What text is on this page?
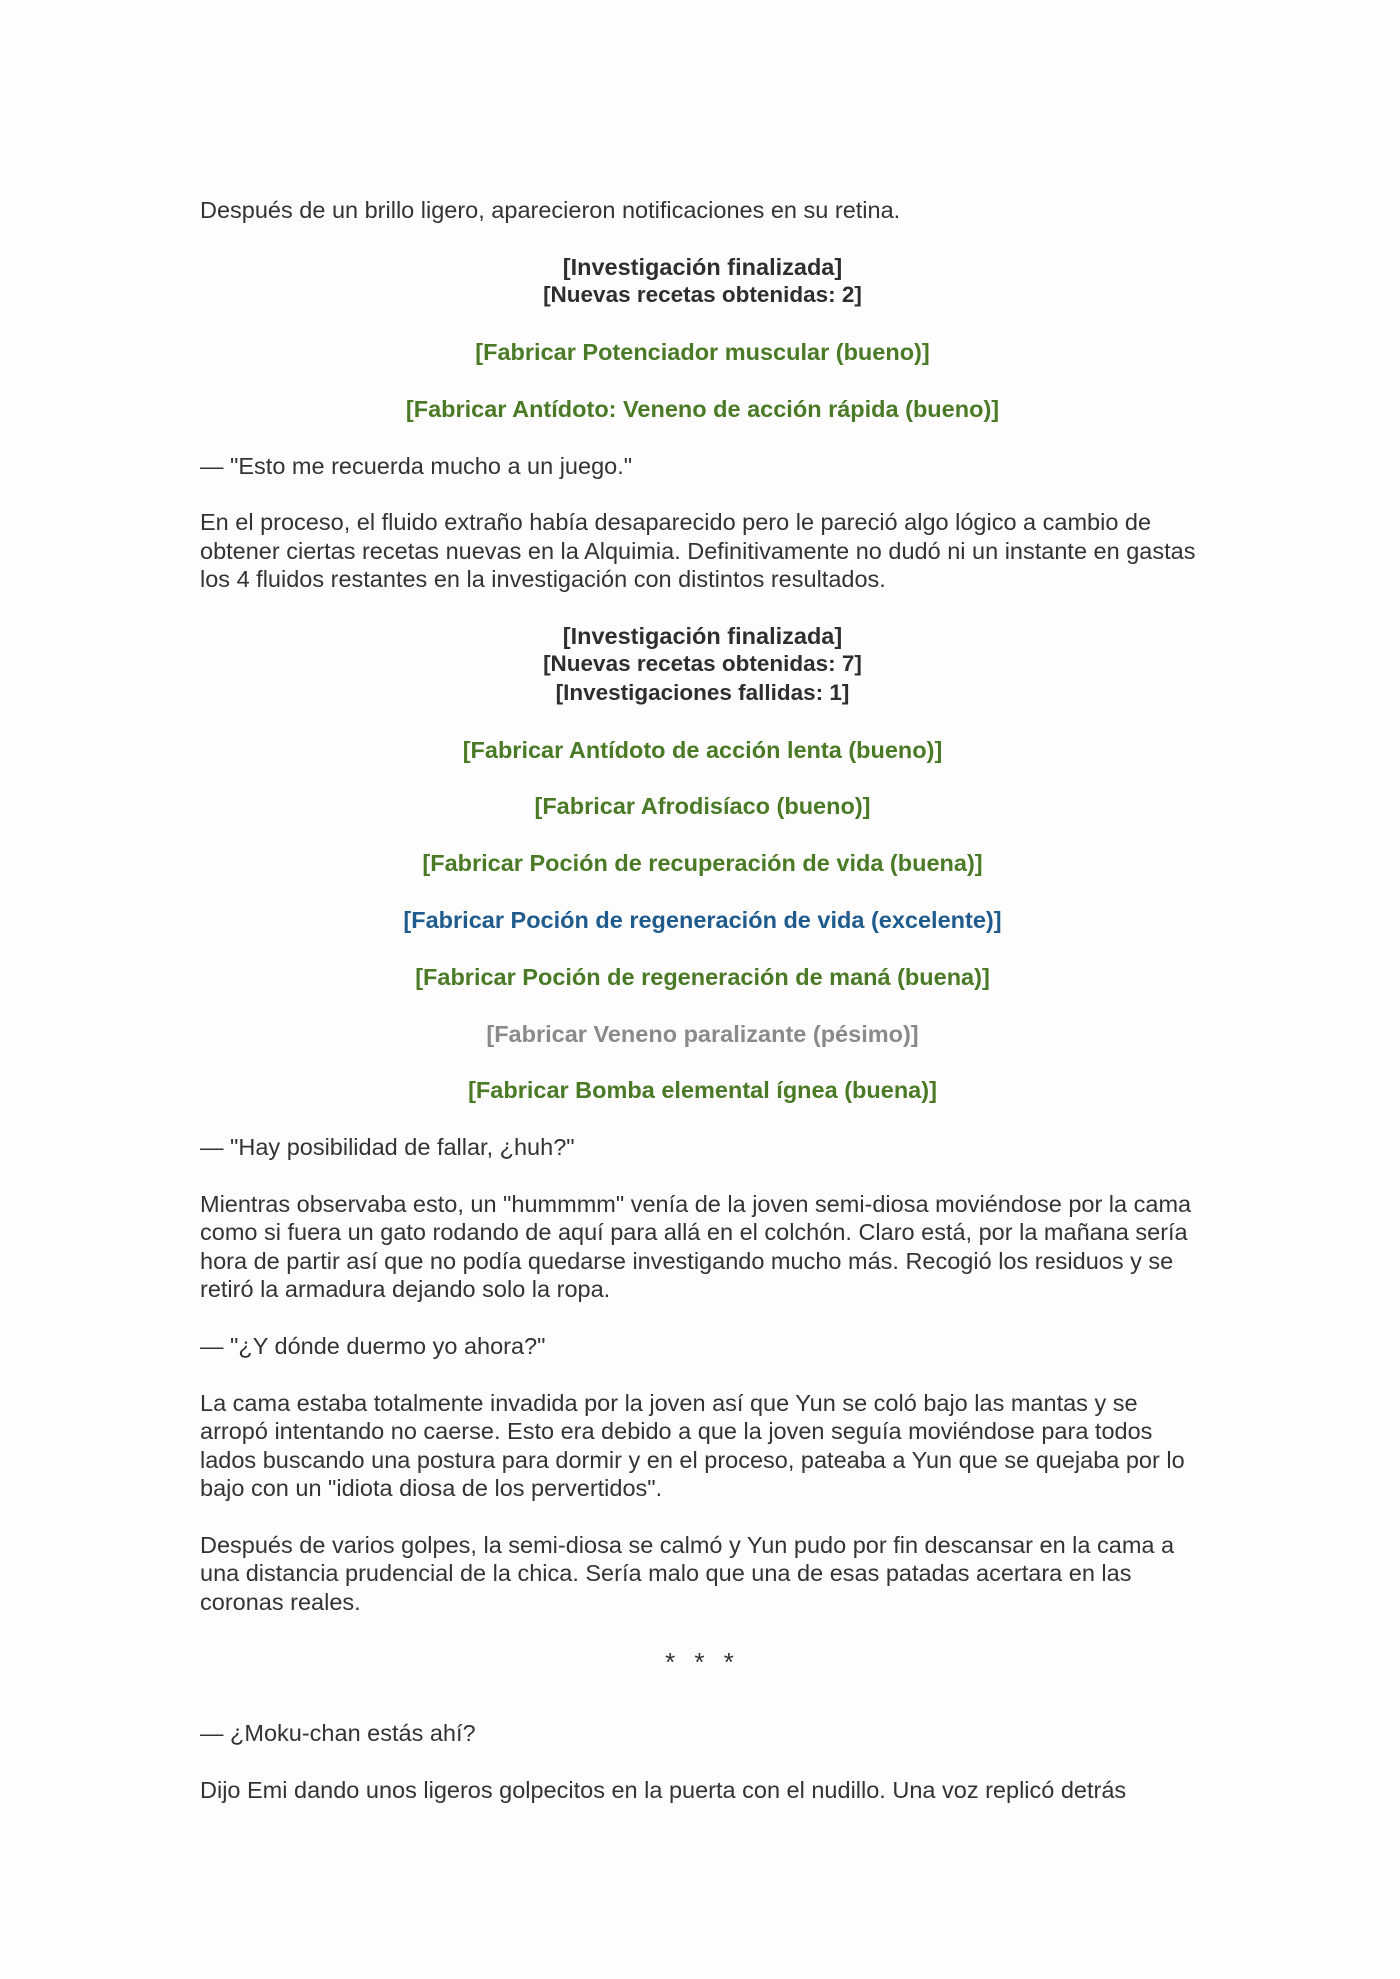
Después de un brillo ligero, aparecieron notificaciones en su retina.

[Investigación finalizada]

[Nuevas recetas obtenidas: 2]

[Fabricar Potenciador muscular (bueno)]

[Fabricar Antídoto: Veneno de acción rápida (bueno)]

— "Esto me recuerda mucho a un juego."

En el proceso, el fluido extraño había desaparecido pero le pareció algo lógico a cambio de obtener ciertas recetas nuevas en la Alquimia. Definitivamente no dudó ni un instante en gastas los 4 fluidos restantes en la investigación con distintos resultados.

[Investigación finalizada]

[Nuevas recetas obtenidas: 7]

[Investigaciones fallidas: 1]

[Fabricar Antídoto de acción lenta (bueno)]

[Fabricar Afrodisíaco (bueno)]

[Fabricar Poción de recuperación de vida (buena)]

[Fabricar Poción de regeneración de vida (excelente)]

[Fabricar Poción de regeneración de maná (buena)]

[Fabricar Veneno paralizante (pésimo)]

[Fabricar Bomba elemental ígnea (buena)]

— "Hay posibilidad de fallar, ¿huh?"

Mientras observaba esto, un "hummmm" venía de la joven semi-diosa moviéndose por la cama como si fuera un gato rodando de aquí para allá en el colchón. Claro está, por la mañana sería hora de partir así que no podía quedarse investigando mucho más. Recogió los residuos y se retiró la armadura dejando solo la ropa.

— "¿Y dónde duermo yo ahora?"

La cama estaba totalmente invadida por la joven así que Yun se coló bajo las mantas y se arropó intentando no caerse. Esto era debido a que la joven seguía moviéndose para todos lados buscando una postura para dormir y en el proceso, pateaba a Yun que se quejaba por lo bajo con un "idiota diosa de los pervertidos".

Después de varios golpes, la semi-diosa se calmó y Yun pudo por fin descansar en la cama a una distancia prudencial de la chica. Sería malo que una de esas patadas acertara en las coronas reales.

* * *

— ¿Moku-chan estás ahí?

Dijo Emi dando unos ligeros golpecitos en la puerta con el nudillo. Una voz replicó detrás
